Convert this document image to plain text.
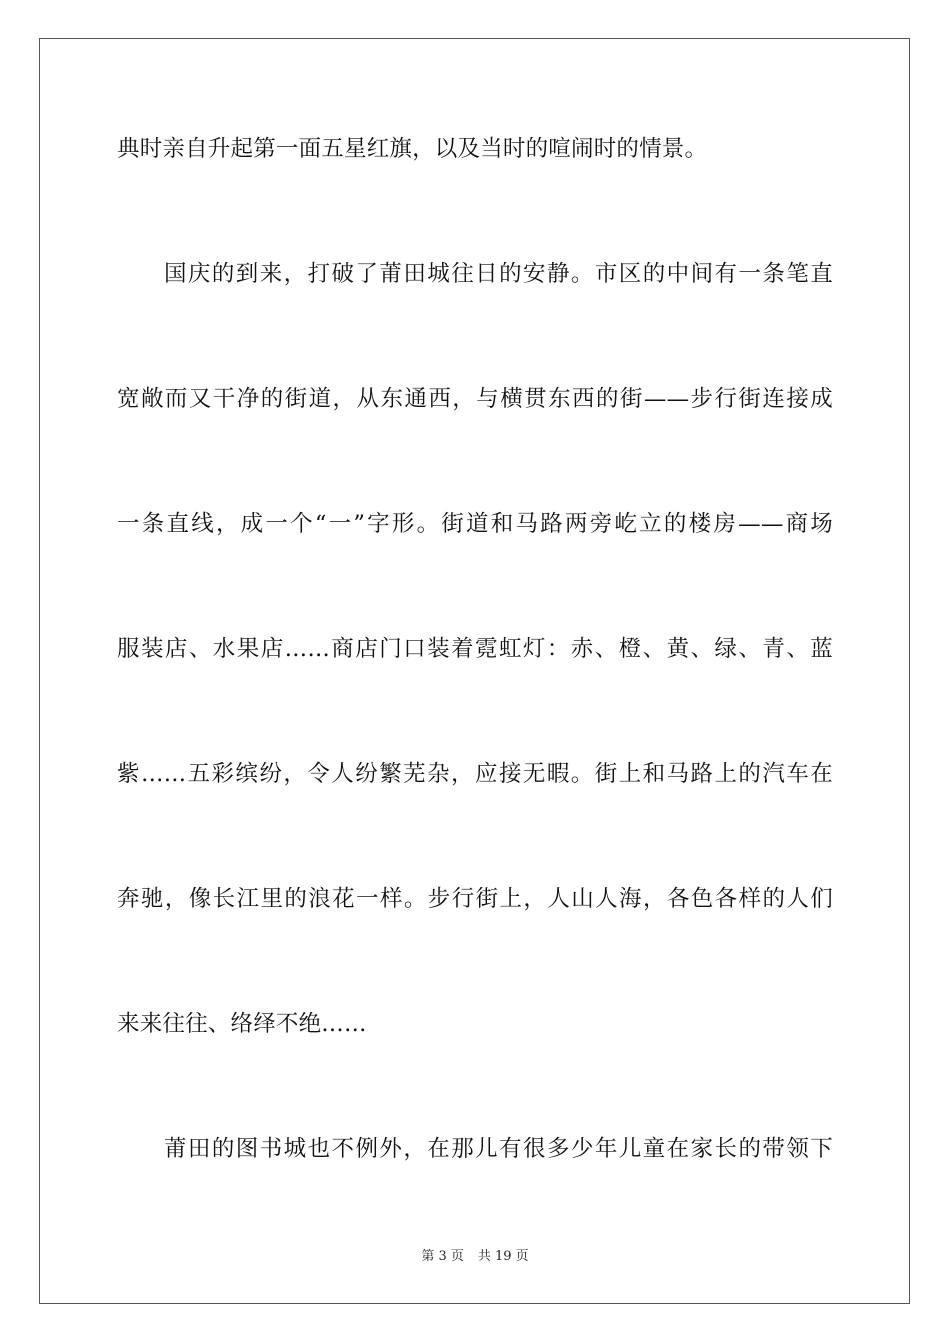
典时亲自升起第一面五星红旗，以及当时的喧闹时的情景。
国庆的到来，打破了莆田城往日的安静。市区的中间有一条笔直
宽敞而又干净的街道，从东通西，与横贯东西的街——步行街连接成
一条直线，成一个“一”字形。街道和马路两旁屹立的楼房——商场
服装店、水果店……商店门口装着霓虹灯：赤、橙、黄、绿、青、蓝
紫……五彩缤纷，令人纷繁芜杂，应接无暇。街上和马路上的汽车在
奔驰，像长江里的浪花一样。步行街上，人山人海，各色各样的人们
来来往往、络绎不绝……
莆田的图书城也不例外，在那儿有很多少年儿童在家长的带领下
第 3 页 共 19 页
